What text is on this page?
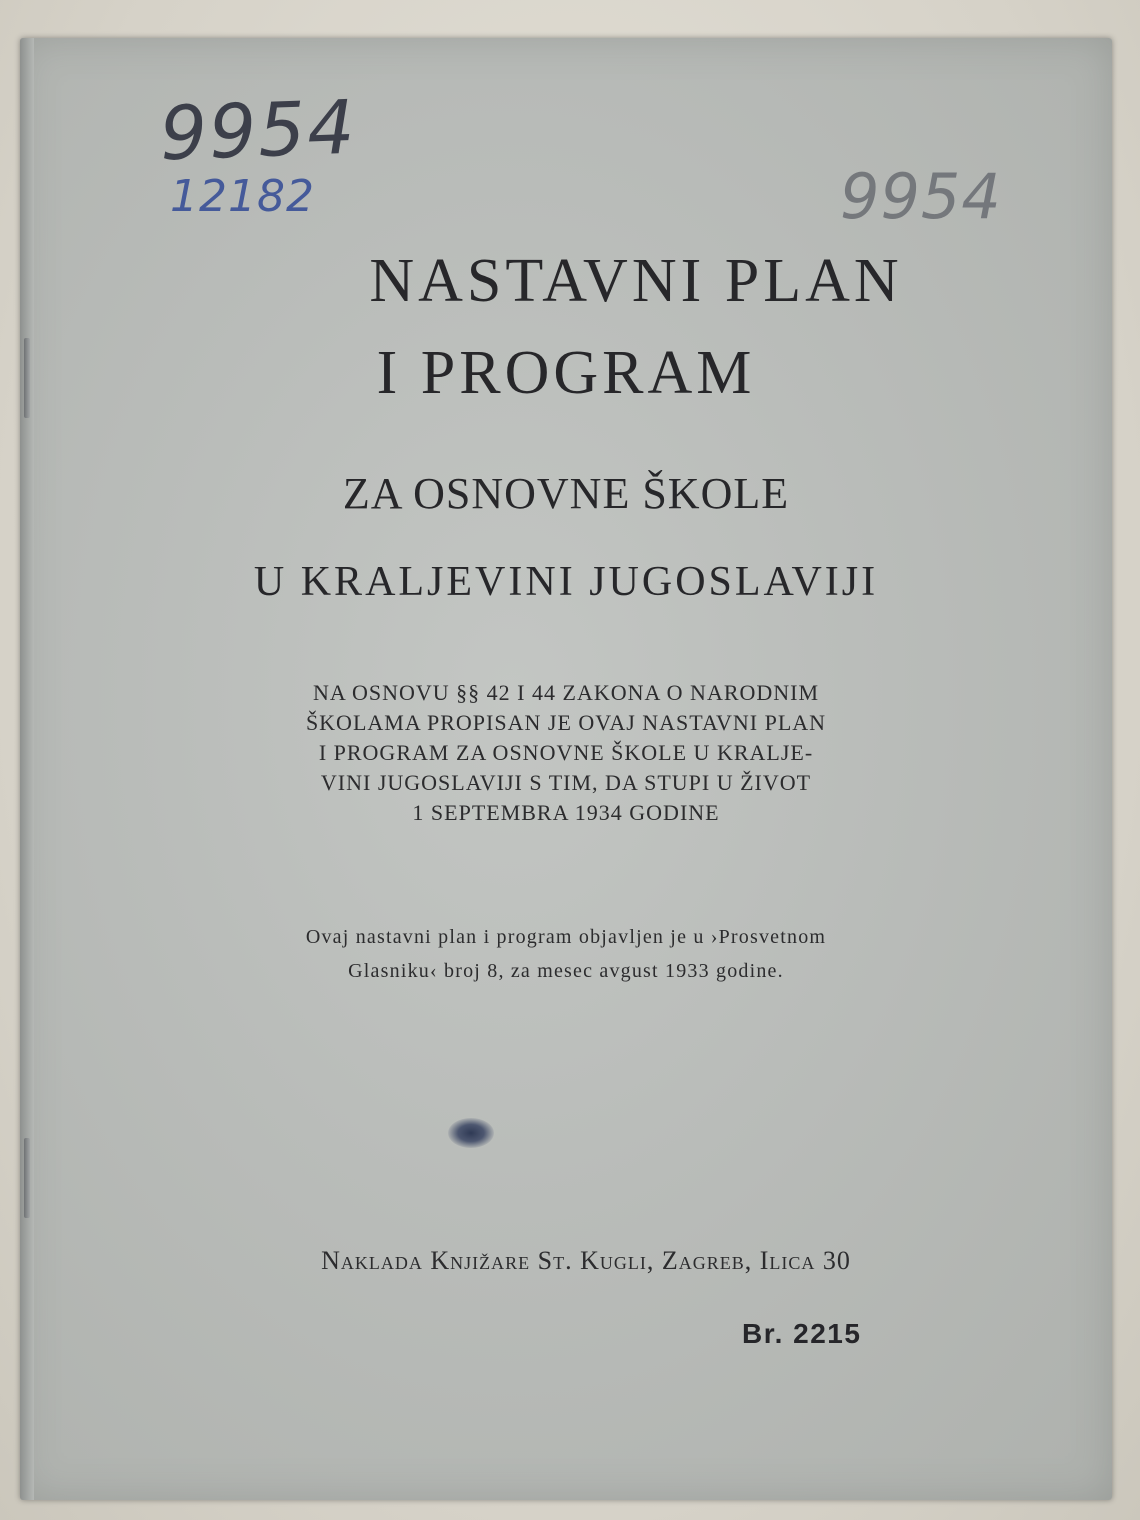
9954
12182	9954
NASTAVNI PLAN
I PROGRAM
ZA OSNOVNE ŠKOLE
U KRALJEVINI JUGOSLAVIJI
NA OSNOVU §§ 42 I 44 ZAKONA O NARODNIM
ŠKOLAMA PROPISAN JE OVAJ NASTAVNI PLAN
I PROGRAM ZA OSNOVNE ŠKOLE U KRALJE-
VINI JUGOSLAVIJI S TIM, DA STUPI U ŽIVOT
1 SEPTEMBRA 1934 GODINE
Ovaj nastavni plan i program objavljen je u ›Prosvetnom
Glasniku‹ broj 8, za mesec avgust 1933 godine.
Naklada Knjižare St. Kugli, Zagreb, Ilica 30
Br. 2215
